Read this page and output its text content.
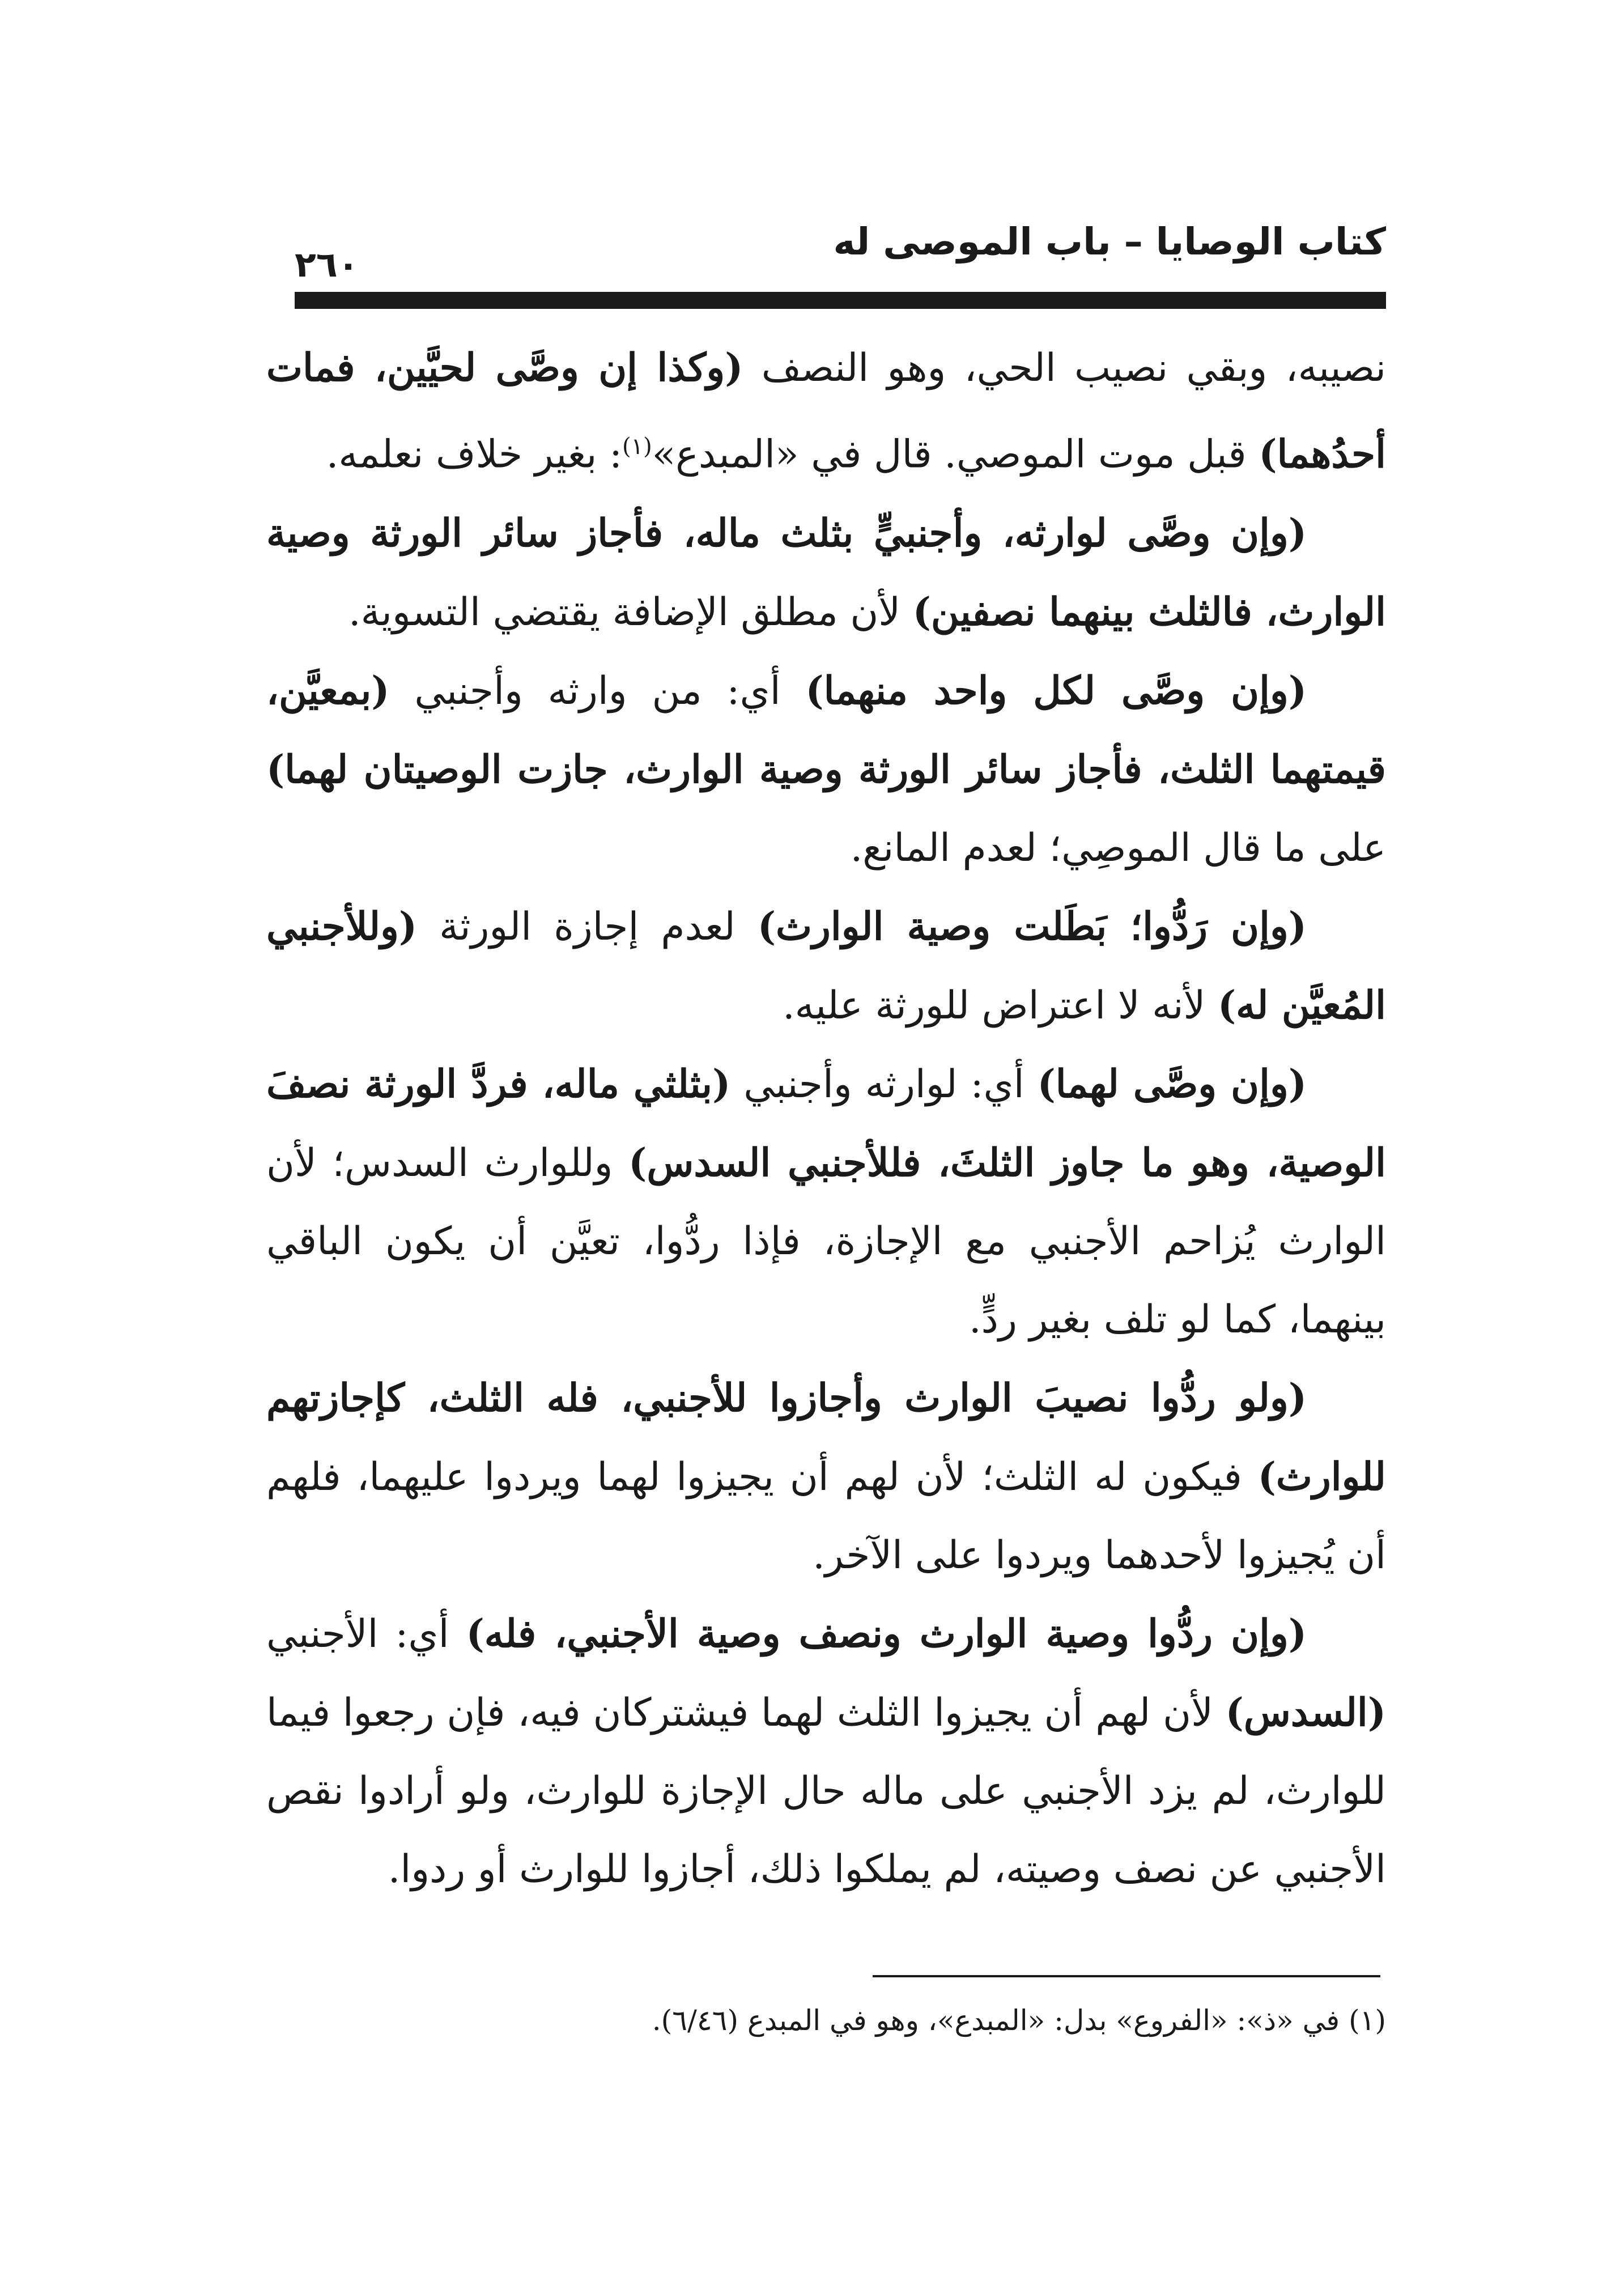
٢٦٠
كتاب الوصايا – باب الموصى له

نصيبه، وبقي نصيب الحي، وهو النصف (وكذا إن وصَّى لحيَّين، فمات أحدُهما) قبل موت الموصي. قال في «المبدع»$^{(١)}$: بغير خلاف نعلمه.

(وإن وصَّى لوارثه، وأجنبيٍّ بثلث ماله، فأجاز سائر الورثة وصية الوارث، فالثلث بينهما نصفين) لأن مطلق الإضافة يقتضي التسوية.

(وإن وصَّى لكل واحد منهما) أي: من وارثه وأجنبي (بمعيَّن، قيمتهما الثلث، فأجاز سائر الورثة وصية الوارث، جازت الوصيتان لهما) على ما قال الموصِي؛ لعدم المانع.

(وإن رَدُّوا؛ بَطَلت وصية الوارث) لعدم إجازة الورثة (وللأجنبي المُعيَّن له) لأنه لا اعتراض للورثة عليه.

(وإن وصَّى لهما) أي: لوارثه وأجنبي (بثلثي ماله، فردَّ الورثة نصفَ الوصية، وهو ما جاوز الثلثَ، فللأجنبي السدس) وللوارث السدس؛ لأن الوارث يُزاحم الأجنبي مع الإجازة، فإذا ردُّوا، تعيَّن أن يكون الباقي بينهما، كما لو تلف بغير ردٍّ.

(ولو ردُّوا نصيبَ الوارث وأجازوا للأجنبي، فله الثلث، كإجازتهم للوارث) فيكون له الثلث؛ لأن لهم أن يجيزوا لهما ويردوا عليهما، فلهم أن يُجيزوا لأحدهما ويردوا على الآخر.

(وإن ردُّوا وصية الوارث ونصف وصية الأجنبي، فله) أي: الأجنبي (السدس) لأن لهم أن يجيزوا الثلث لهما فيشتركان فيه، فإن رجعوا فيما للوارث، لم يزد الأجنبي على ماله حال الإجازة للوارث، ولو أرادوا نقص الأجنبي عن نصف وصيته، لم يملكوا ذلك، أجازوا للوارث أو ردوا.

(١) في «ذ»: «الفروع» بدل: «المبدع»، وهو في المبدع (٦/٤٦).
